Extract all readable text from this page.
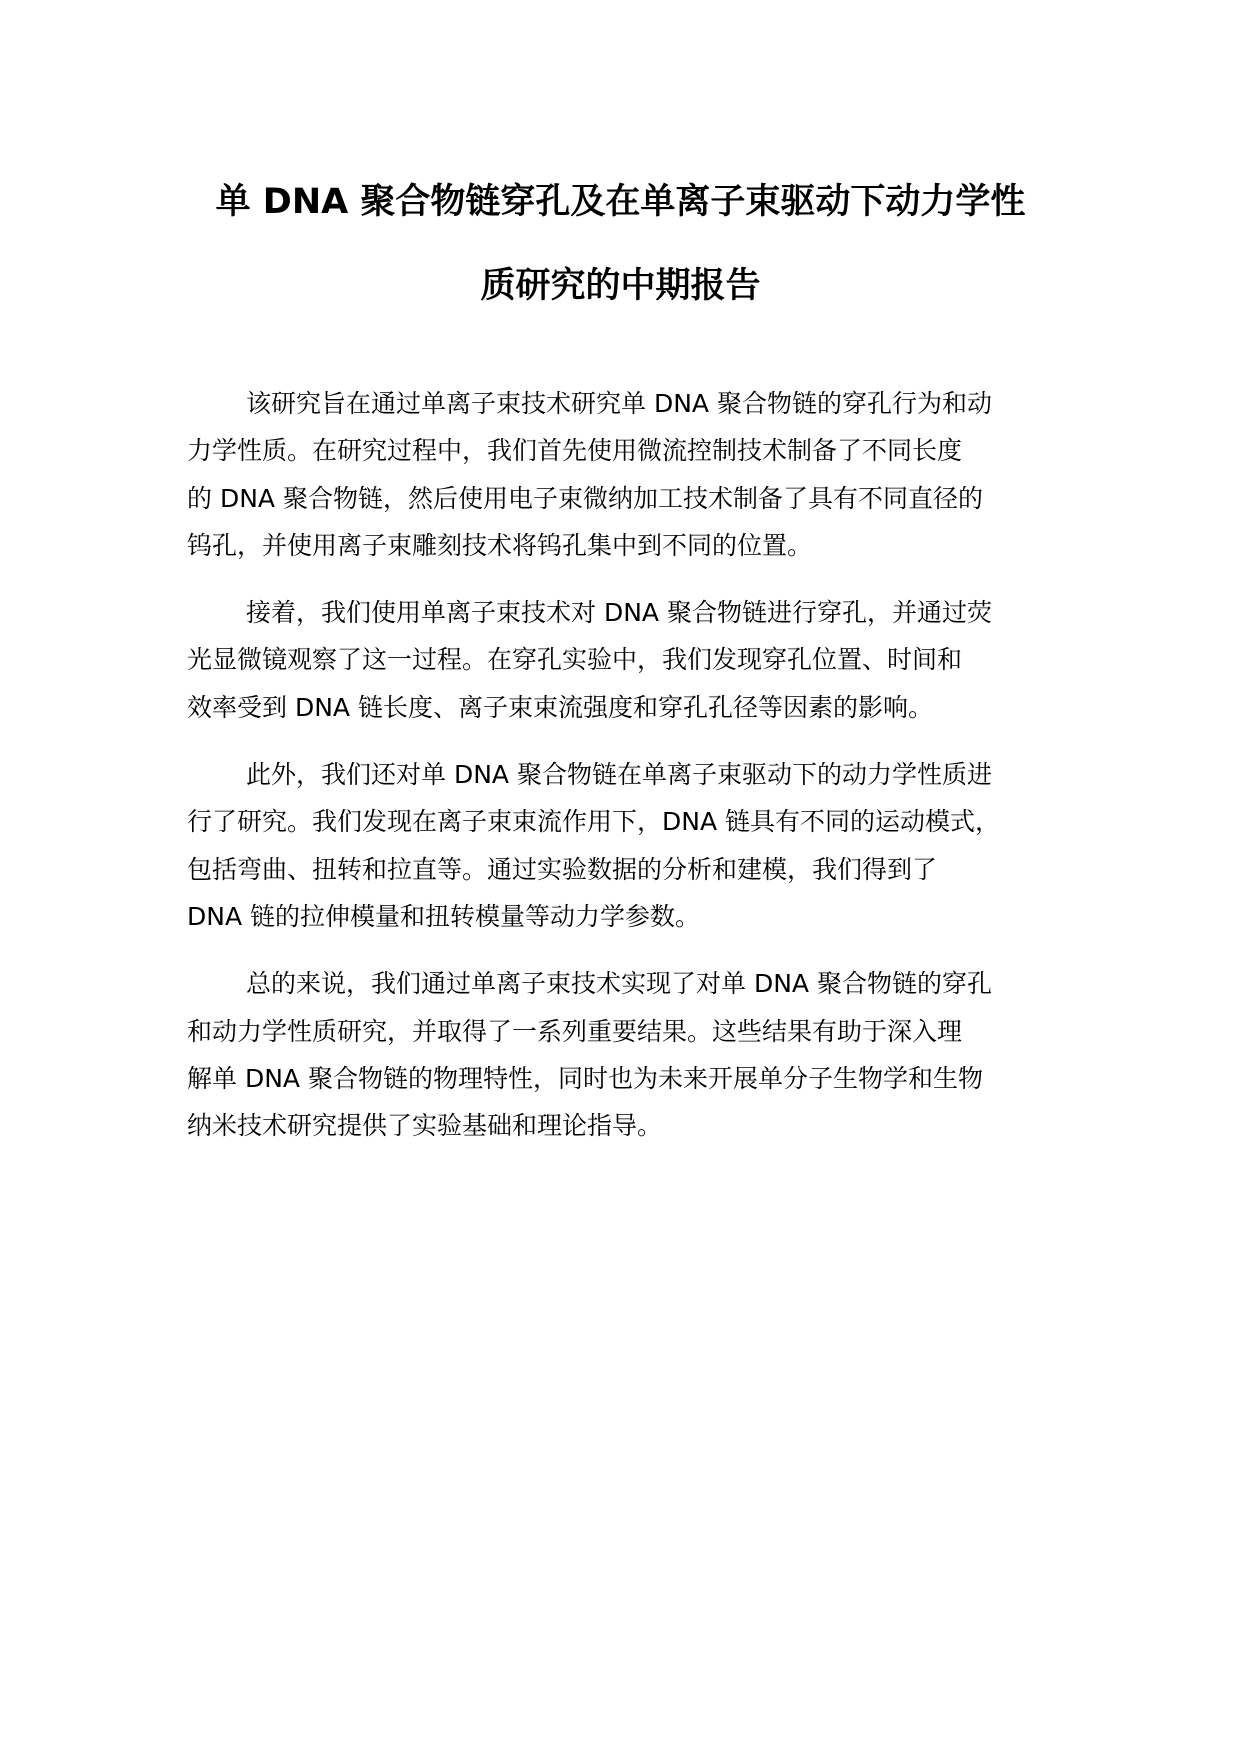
单 DNA 聚合物链穿孔及在单离子束驱动下动力学性
质研究的中期报告

该研究旨在通过单离子束技术研究单 DNA 聚合物链的穿孔行为和动
力学性质。在研究过程中，我们首先使用微流控制技术制备了不同长度
的 DNA 聚合物链，然后使用电子束微纳加工技术制备了具有不同直径的
钨孔，并使用离子束雕刻技术将钨孔集中到不同的位置。

接着，我们使用单离子束技术对 DNA 聚合物链进行穿孔，并通过荧
光显微镜观察了这一过程。在穿孔实验中，我们发现穿孔位置、时间和
效率受到 DNA 链长度、离子束束流强度和穿孔孔径等因素的影响。

此外，我们还对单 DNA 聚合物链在单离子束驱动下的动力学性质进
行了研究。我们发现在离子束束流作用下，DNA 链具有不同的运动模式，
包括弯曲、扭转和拉直等。通过实验数据的分析和建模，我们得到了
DNA 链的拉伸模量和扭转模量等动力学参数。

总的来说，我们通过单离子束技术实现了对单 DNA 聚合物链的穿孔
和动力学性质研究，并取得了一系列重要结果。这些结果有助于深入理
解单 DNA 聚合物链的物理特性，同时也为未来开展单分子生物学和生物
纳米技术研究提供了实验基础和理论指导。
